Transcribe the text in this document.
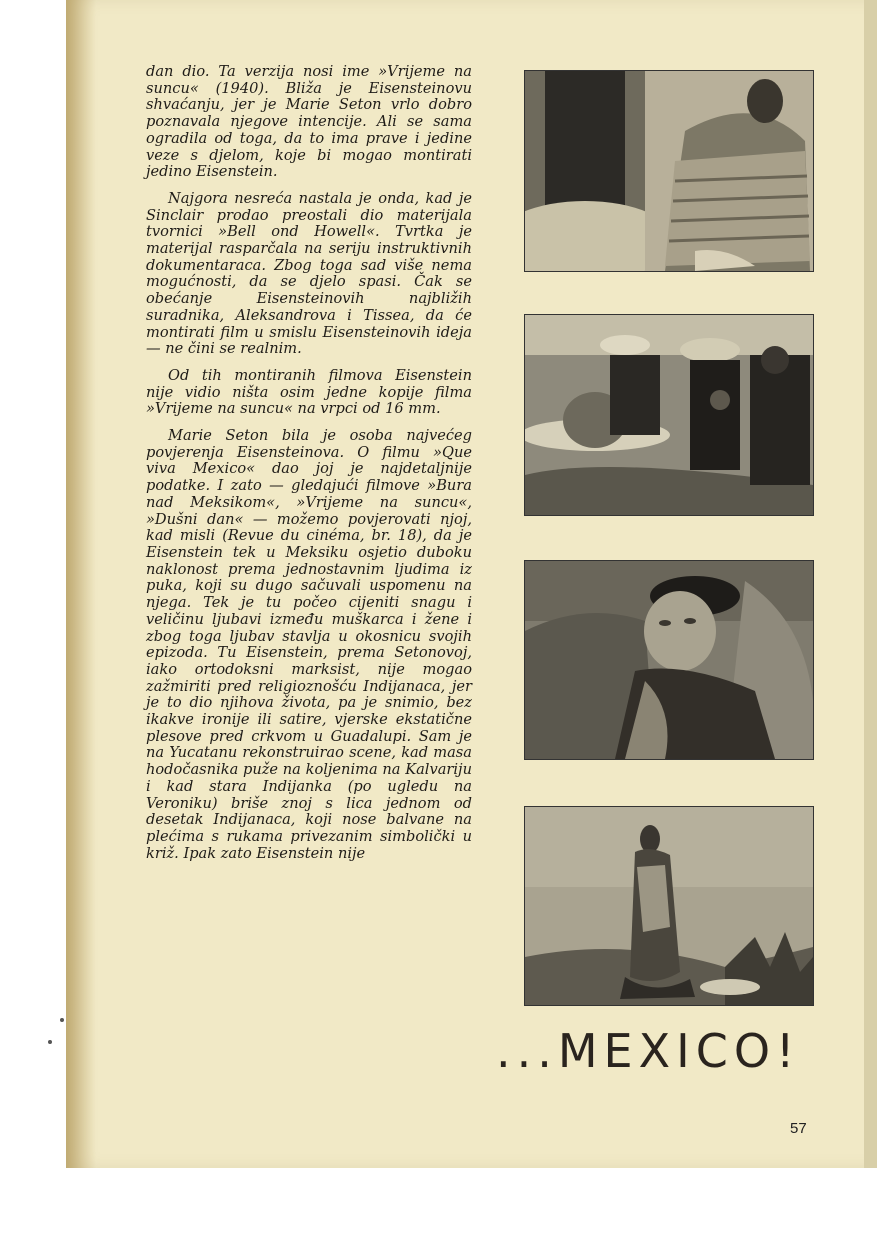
dan dio. Ta verzija nosi ime »Vrijeme na suncu« (1940). Bliža je Eisensteinovu shvaćanju, jer je Marie Seton vrlo dobro poznavala njegove intencije. Ali se sama ogradila od toga, da to ima prave i jedine veze s djelom, koje bi mogao montirati jedino Eisenstein.

Najgora nesreća nastala je onda, kad je Sinclair prodao preostali dio materijala tvornici »Bell ond Howell«. Tvrtka je materijal rasparčala na seriju instruktivnih dokumentaraca. Zbog toga sad više nema mogućnosti, da se djelo spasi. Čak se obećanje Eisensteinovih najbližih suradnika, Aleksandrova i Tissea, da će montirati film u smislu Eisensteinovih ideja — ne čini se realnim.

Od tih montiranih filmova Eisenstein nije vidio ništa osim jedne kopije filma »Vrijeme na suncu« na vrpci od 16 mm.

Marie Seton bila je osoba najvećeg povjerenja Eisensteinova. O filmu »Que viva Mexico« dao joj je najdetaljnije podatke. I zato — gledajući filmove »Bura nad Meksikom«, »Vrijeme na suncu«, »Dušni dan« — možemo povjerovati njoj, kad misli (Revue du cinéma, br. 18), da je Eisenstein tek u Meksiku osjetio duboku naklonost prema jednostavnim ljudima iz puka, koji su dugo sačuvali uspomenu na njega. Tek je tu počeo cijeniti snagu i veličinu ljubavi između muškarca i žene i zbog toga ljubav stavlja u okosnicu svojih epizoda. Tu Eisenstein, prema Setonovoj, iako ortodoksni marksist, nije mogao zažmiriti pred religioznošću Indijanaca, jer je to dio njihova života, pa je snimio, bez ikakve ironije ili satire, vjerske ekstatične plesove pred crkvom u Guadalupi. Sam je na Yucatanu rekonstruirao scene, kad masa hodočasnika puže na koljenima na Kalvariju i kad stara Indijanka (po ugledu na Veroniku) briše znoj s lica jednom od desetak Indijanaca, koji nose balvane na plećima s rukama privezanim simbolički u križ. Ipak zato Eisenstein nije

...MEXICO!
57
